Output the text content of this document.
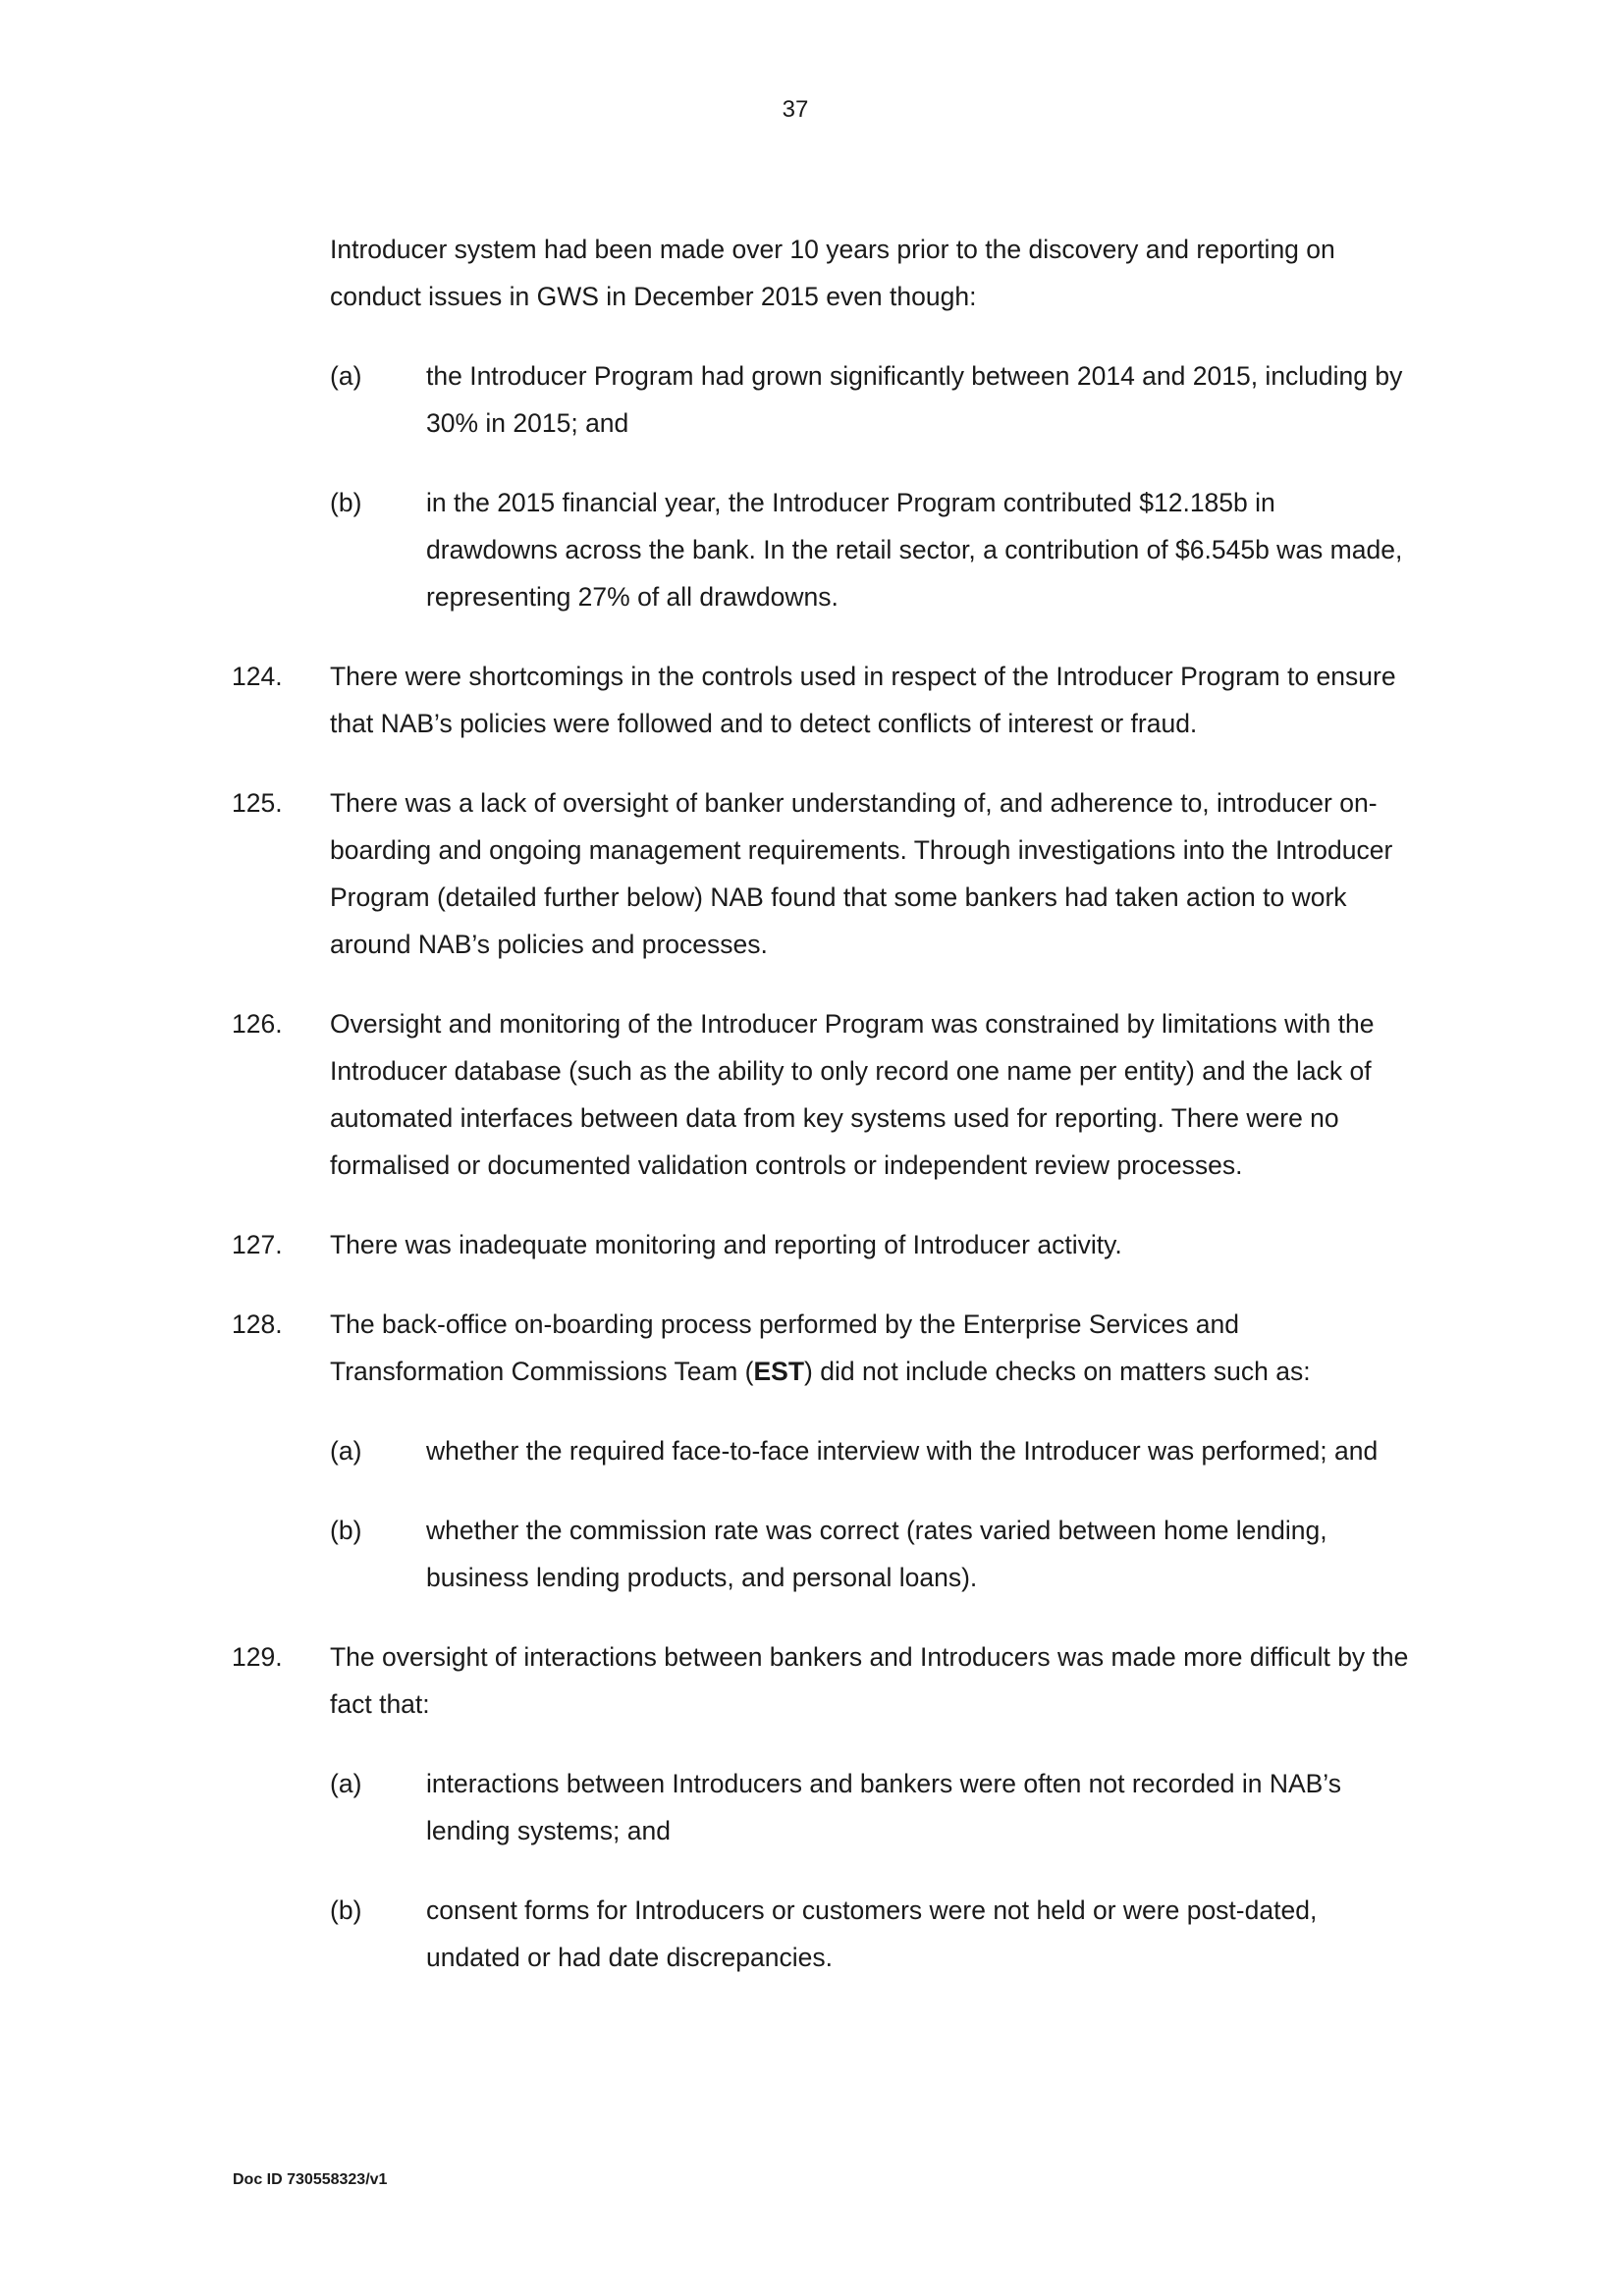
37
Introducer system had been made over 10 years prior to the discovery and reporting on conduct issues in GWS in December 2015 even though:
(a) the Introducer Program had grown significantly between 2014 and 2015, including by 30% in 2015; and
(b) in the 2015 financial year, the Introducer Program contributed $12.185b in drawdowns across the bank. In the retail sector, a contribution of $6.545b was made, representing 27% of all drawdowns.
124. There were shortcomings in the controls used in respect of the Introducer Program to ensure that NAB’s policies were followed and to detect conflicts of interest or fraud.
125. There was a lack of oversight of banker understanding of, and adherence to, introducer on-boarding and ongoing management requirements. Through investigations into the Introducer Program (detailed further below) NAB found that some bankers had taken action to work around NAB’s policies and processes.
126. Oversight and monitoring of the Introducer Program was constrained by limitations with the Introducer database (such as the ability to only record one name per entity) and the lack of automated interfaces between data from key systems used for reporting. There were no formalised or documented validation controls or independent review processes.
127. There was inadequate monitoring and reporting of Introducer activity.
128. The back-office on-boarding process performed by the Enterprise Services and Transformation Commissions Team (EST) did not include checks on matters such as:
(a) whether the required face-to-face interview with the Introducer was performed; and
(b) whether the commission rate was correct (rates varied between home lending, business lending products, and personal loans).
129. The oversight of interactions between bankers and Introducers was made more difficult by the fact that:
(a) interactions between Introducers and bankers were often not recorded in NAB’s lending systems; and
(b) consent forms for Introducers or customers were not held or were post-dated, undated or had date discrepancies.
Doc ID 730558323/v1
